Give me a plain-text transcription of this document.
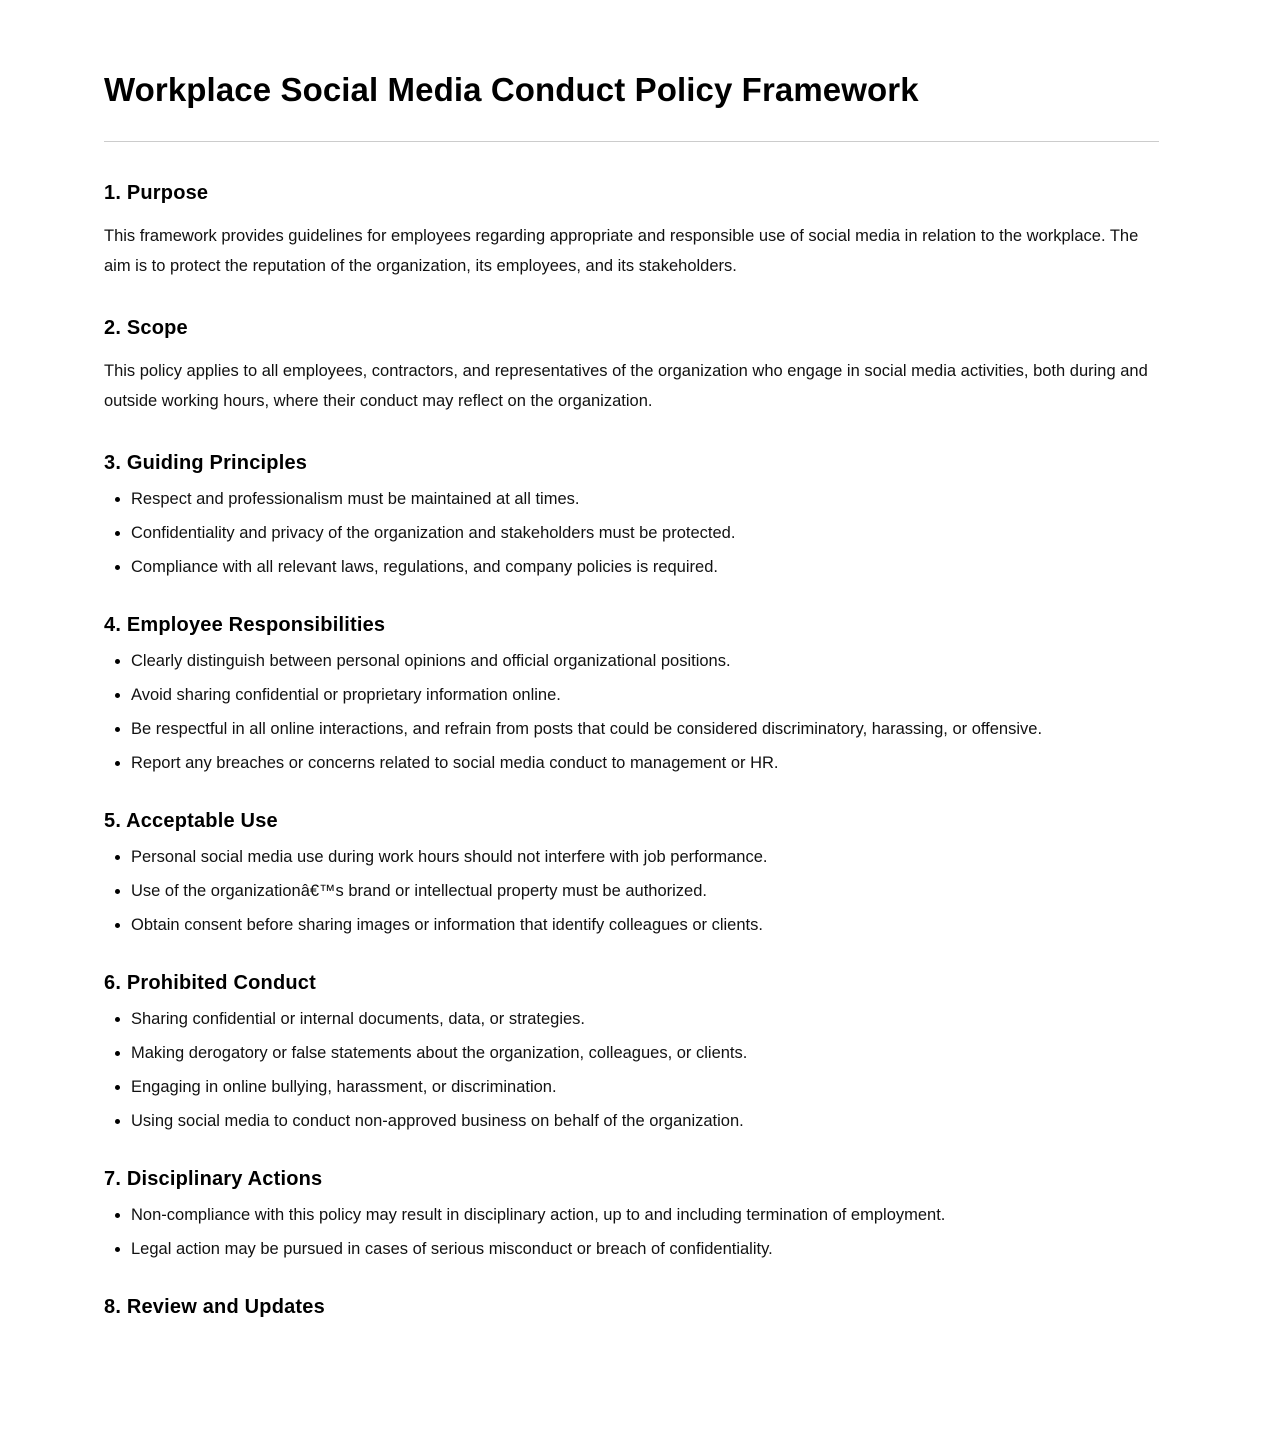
Workplace Social Media Conduct Policy Framework
1. Purpose

This framework provides guidelines for employees regarding appropriate and responsible use of social media in relation to the workplace. The aim is to protect the reputation of the organization, its employees, and its stakeholders.

2. Scope

This policy applies to all employees, contractors, and representatives of the organization who engage in social media activities, both during and outside working hours, where their conduct may reflect on the organization.

3. Guiding Principles
Respect and professionalism must be maintained at all times.
Confidentiality and privacy of the organization and stakeholders must be protected.
Compliance with all relevant laws, regulations, and company policies is required.
4. Employee Responsibilities
Clearly distinguish between personal opinions and official organizational positions.
Avoid sharing confidential or proprietary information online.
Be respectful in all online interactions, and refrain from posts that could be considered discriminatory, harassing, or offensive.
Report any breaches or concerns related to social media conduct to management or HR.
5. Acceptable Use
Personal social media use during work hours should not interfere with job performance.
Use of the organizationâ€™s brand or intellectual property must be authorized.
Obtain consent before sharing images or information that identify colleagues or clients.
6. Prohibited Conduct
Sharing confidential or internal documents, data, or strategies.
Making derogatory or false statements about the organization, colleagues, or clients.
Engaging in online bullying, harassment, or discrimination.
Using social media to conduct non-approved business on behalf of the organization.
7. Disciplinary Actions
Non-compliance with this policy may result in disciplinary action, up to and including termination of employment.
Legal action may be pursued in cases of serious misconduct or breach of confidentiality.
8. Review and Updates
